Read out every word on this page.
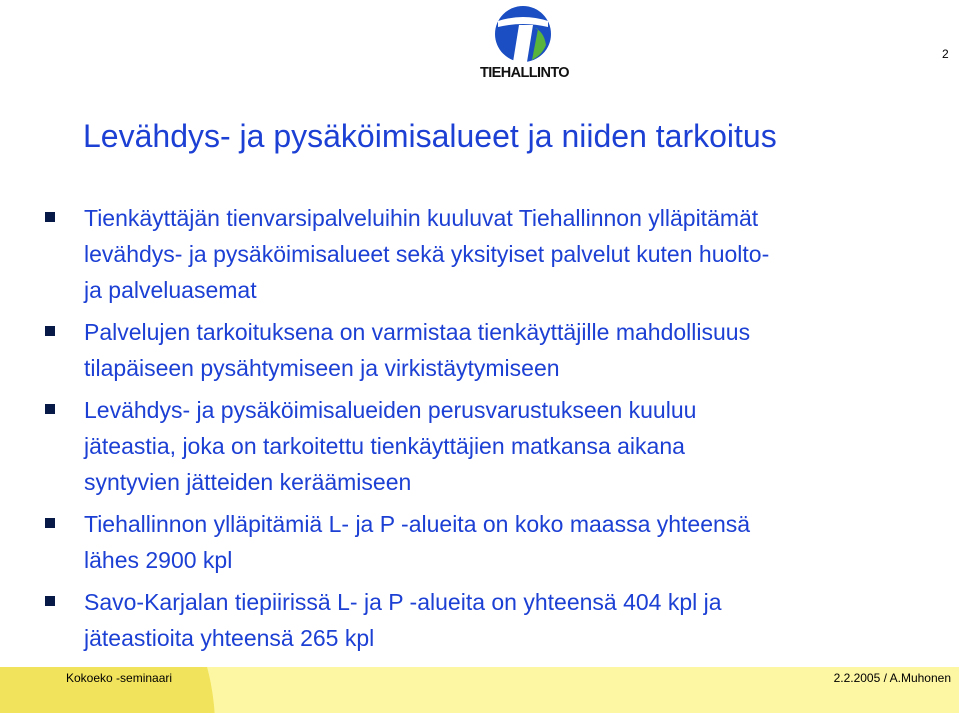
TIEHALLINTO
2
Levähdys- ja pysäköimisalueet ja niiden tarkoitus
Tienkäyttäjän tienvarsipalveluihin kuuluvat Tiehallinnon ylläpitämät
levähdys- ja pysäköimisalueet sekä yksityiset palvelut kuten huolto-
ja palveluasemat
Palvelujen tarkoituksena on varmistaa tienkäyttäjille mahdollisuus
tilapäiseen pysähtymiseen ja virkistäytymiseen
Levähdys- ja pysäköimisalueiden perusvarustukseen kuuluu
jäteastia, joka on tarkoitettu tienkäyttäjien matkansa aikana
syntyvien jätteiden keräämiseen
Tiehallinnon ylläpitämiä L- ja P -alueita on koko maassa yhteensä
lähes 2900 kpl
Savo-Karjalan tiepiirissä L- ja P -alueita on yhteensä 404 kpl ja
jäteastioita yhteensä 265 kpl
Kokoeko -seminaari	2.2.2005 / A.Muhonen
